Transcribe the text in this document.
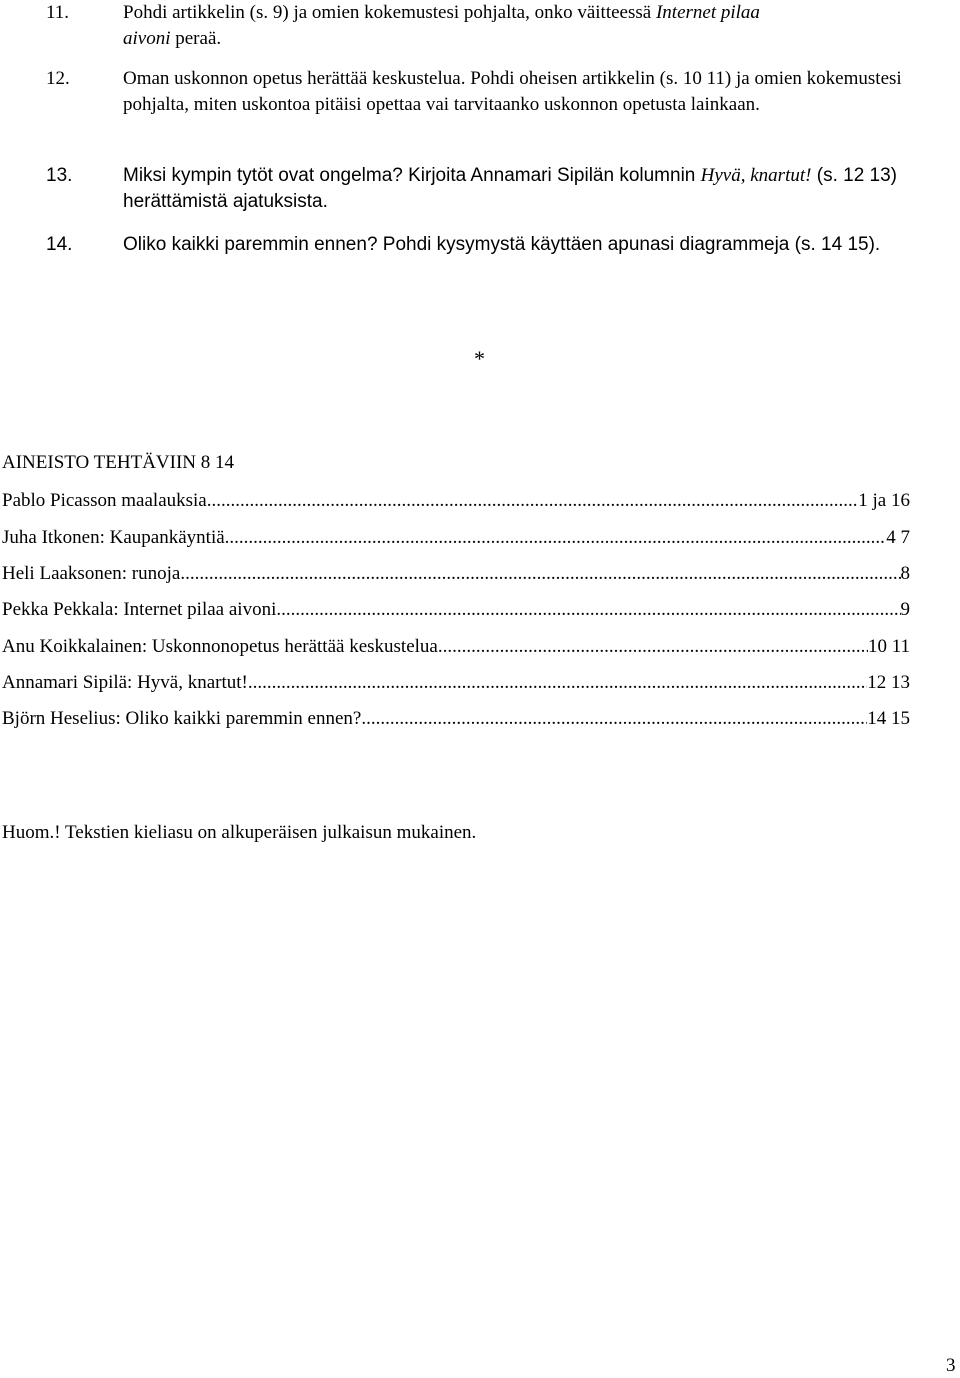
11.	Pohdi artikkelin (s. 9) ja omien kokemustesi pohjalta, onko väitteessä Internet pilaa
aivoni peraä.
12.	Oman uskonnon opetus herättää keskustelua. Pohdi oheisen artikkelin (s. 10 11) ja omien kokemustesi pohjalta, miten uskontoa pitäisi opettaa vai tarvitaanko uskonnon opetusta lainkaan.
13.	Miksi kympin tytöt ovat ongelma? Kirjoita Annamari Sipilän kolumnin Hyvä, knartut! (s. 12 13) herättämistä ajatuksista.
14.	Oliko kaikki paremmin ennen? Pohdi kysymystä käyttäen apunasi diagrammeja (s. 14 15).
*
AINEISTO TEHTÄVIIN 8 14
Pablo Picasson maalauksia .....	1 ja 16
Juha Itkonen: Kaupankäyntiä .....	4 7
Heli Laaksonen: runoja .....	8
Pekka Pekkala: Internet pilaa aivoni .....	9
Anu Koikkalainen: Uskonnonopetus herättää keskustelua .....	10 11
Annamari Sipilä: Hyvä, knartut! .....	12 13
Björn Heselius: Oliko kaikki paremmin ennen? .....	14 15
Huom.! Tekstien kieliasu on alkuperäisen julkaisun mukainen.
3
